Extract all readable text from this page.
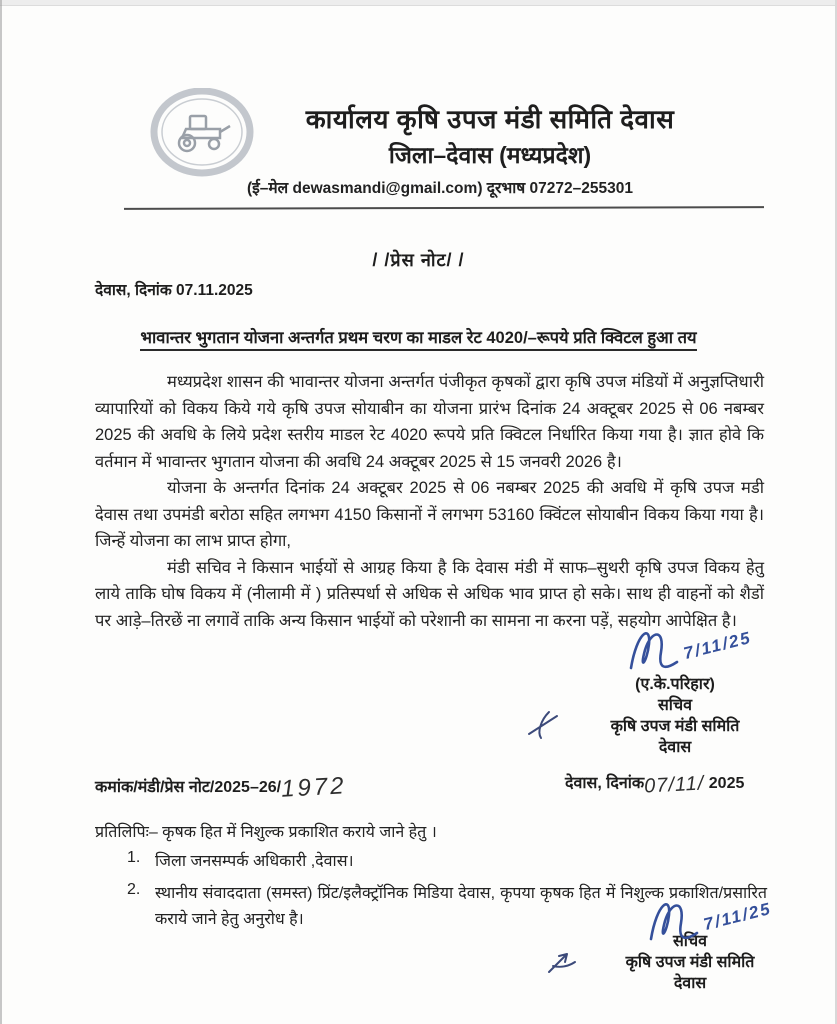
कार्यालय कृषि उपज मंडी समिति देवास
जिला–देवास (मध्यप्रदेश)
(ई–मेल dewasmandi@gmail.com) दूरभाष 07272–255301
/ /प्रेस नोट/ /
देवास, दिनांक 07.11.2025
भावान्तर भुगतान योजना अन्तर्गत प्रथम चरण का माडल रेट 4020/–रूपये प्रति क्विटल हुआ तय

मध्यप्रदेश शासन की भावान्तर योजना अन्तर्गत पंजीकृत कृषकों द्वारा कृषि उपज मंडियों में अनुज्ञप्तिधारी व्यापारियों को विकय किये गये कृषि उपज सोयाबीन का योजना प्रारंभ दिनांक 24 अक्टूबर 2025 से 06 नबम्बर 2025 की अवधि के लिये प्रदेश स्तरीय माडल रेट 4020 रूपये प्रति क्विटल निर्धारित किया गया है। ज्ञात होवे कि वर्तमान में भावान्तर भुगतान योजना की अवधि 24 अक्टूबर 2025 से 15 जनवरी 2026 है।

योजना के अन्तर्गत दिनांक 24 अक्टूबर 2025 से 06 नबम्बर 2025 की अवधि में कृषि उपज मडी देवास तथा उपमंडी बरोठा सहित लगभग 4150 किसानों नें लगभग 53160 क्विंटल सोयाबीन विकय किया गया है। जिन्हें योजना का लाभ प्राप्त होगा,

मंडी सचिव ने किसान भाईयों से आग्रह किया है कि देवास मंडी में साफ–सुथरी कृषि उपज विकय हेतु लाये ताकि घोष विकय में (नीलामी में ) प्रतिस्पर्धा से अधिक से अधिक भाव प्राप्त हो सके। साथ ही वाहनों को शैडों पर आड़े–तिरछें ना लगावें ताकि अन्य किसान भाईयों को परेशानी का सामना ना करना पड़ें, सहयोग आपेक्षित है।

7/11/25
(ए.के.परिहार)
सचिव
कृषि उपज मंडी समिति
देवास
कमांक/मंडी/प्रेस नोट/2025–26/1972	देवास, दिनांक07/11/ 2025

प्रतिलिपिः– कृषक हित में निशुल्क प्रकाशित कराये जाने हेतु ।

1. जिला जनसम्पर्क अधिकारी ,देवास।
2. स्थानीय संवाददाता (समस्त) प्रिंट/इलैक्ट्रॉनिक मिडिया देवास, कृपया कृषक हित में निशुल्क प्रकाशित/प्रसारित कराये जाने हेतु अनुरोध है।	7/11/25
सचिव
कृषि उपज मंडी समिति
देवास
